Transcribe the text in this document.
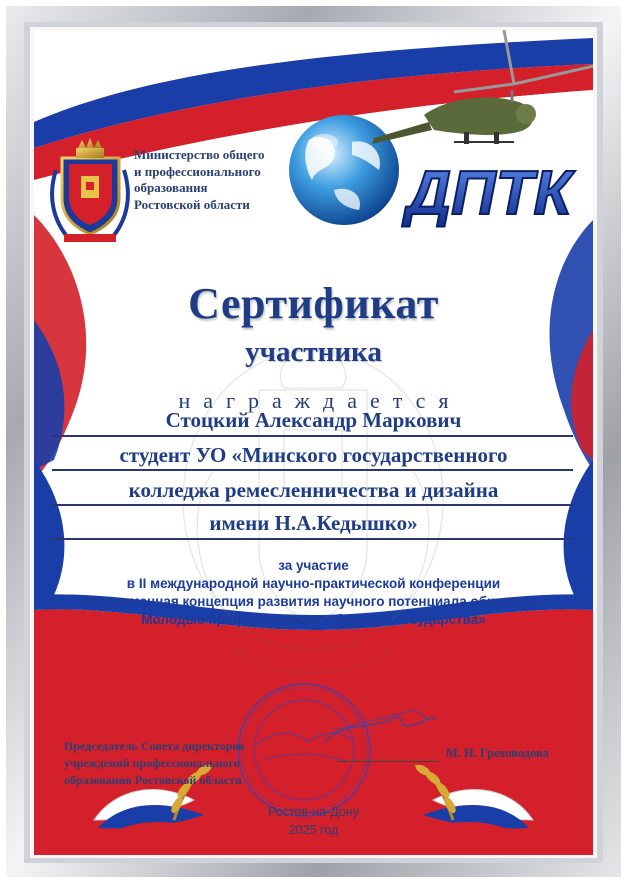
ДПТК
Министерство общего
и профессионального
образования
Ростовской области
Сертификат
участника
награждается
Стоцкий Александр Маркович
студент УО «Минского государственного
колледжа ремесленничества и дизайна
имени Н.А.Кедышко»
за участие
в II международной научно-практической конференции
«Современная концепция развития научного потенциала общества –
Молодые профессионалы – будущее государства»
Председатель Совета директоров
учреждений профессионального
образования Ростовской области
М. Н. Греховодова
Ростов-на-Дону
2025 год
